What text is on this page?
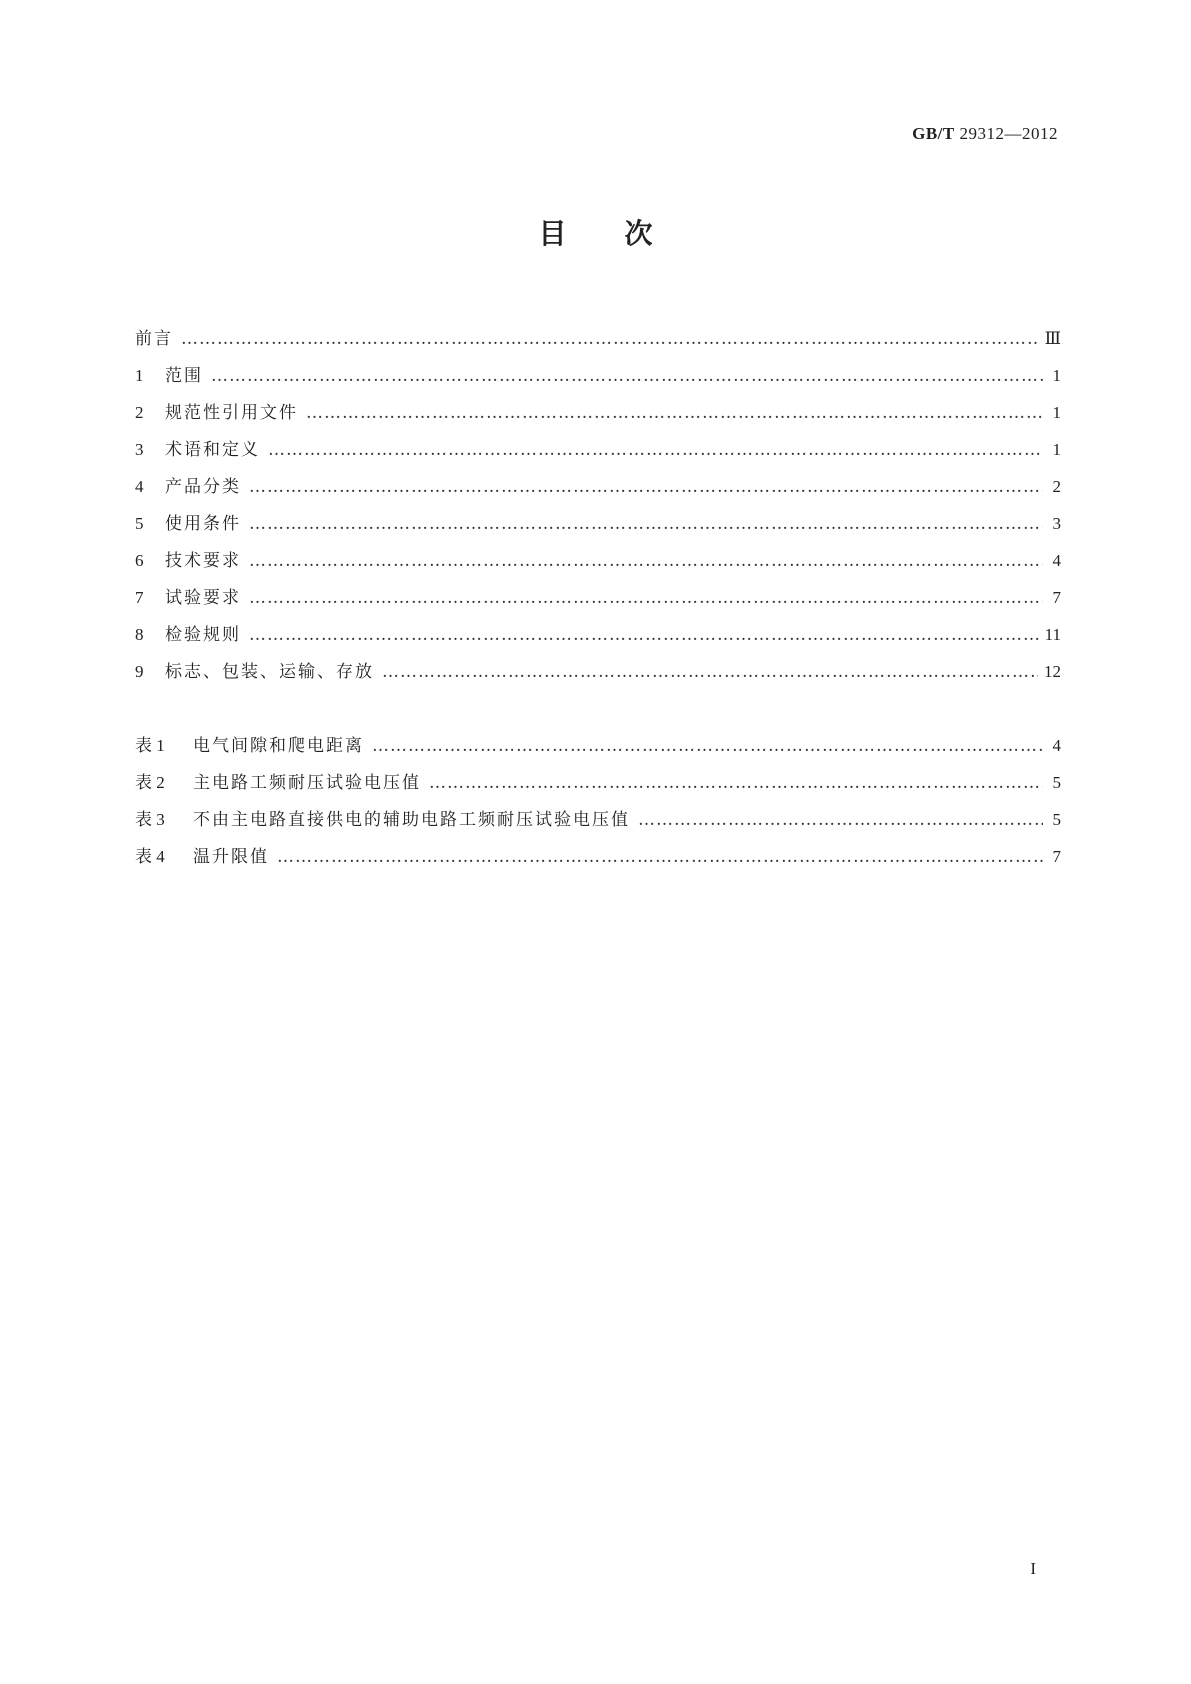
GB/T 29312—2012
目次
前言 …………………………………………………………………………………………………………………………………………………………………………………………………………………………	Ⅲ
1	范围 …………………………………………………………………………………………………………………………………………………………………………………………………………………………	1
2	规范性引用文件 …………………………………………………………………………………………………………………………………………………………………………………………………………………………	1
3	术语和定义 …………………………………………………………………………………………………………………………………………………………………………………………………………………………	1
4	产品分类 …………………………………………………………………………………………………………………………………………………………………………………………………………………………	2
5	使用条件 …………………………………………………………………………………………………………………………………………………………………………………………………………………………	3
6	技术要求 …………………………………………………………………………………………………………………………………………………………………………………………………………………………	4
7	试验要求 …………………………………………………………………………………………………………………………………………………………………………………………………………………………	7
8	检验规则 …………………………………………………………………………………………………………………………………………………………………………………………………………………………	11
9	标志、包装、运输、存放 …………………………………………………………………………………………………………………………………………………………………………………………………………………………	12
表 1	电气间隙和爬电距离 …………………………………………………………………………………………………………………………………………………………………………………………………………………………	4
表 2	主电路工频耐压试验电压值 …………………………………………………………………………………………………………………………………………………………………………………………………………………………	5
表 3	不由主电路直接供电的辅助电路工频耐压试验电压值 …………………………………………………………………………………………………………………………………………………………………………………………………………………………	5
表 4	温升限值 …………………………………………………………………………………………………………………………………………………………………………………………………………………………	7
I
